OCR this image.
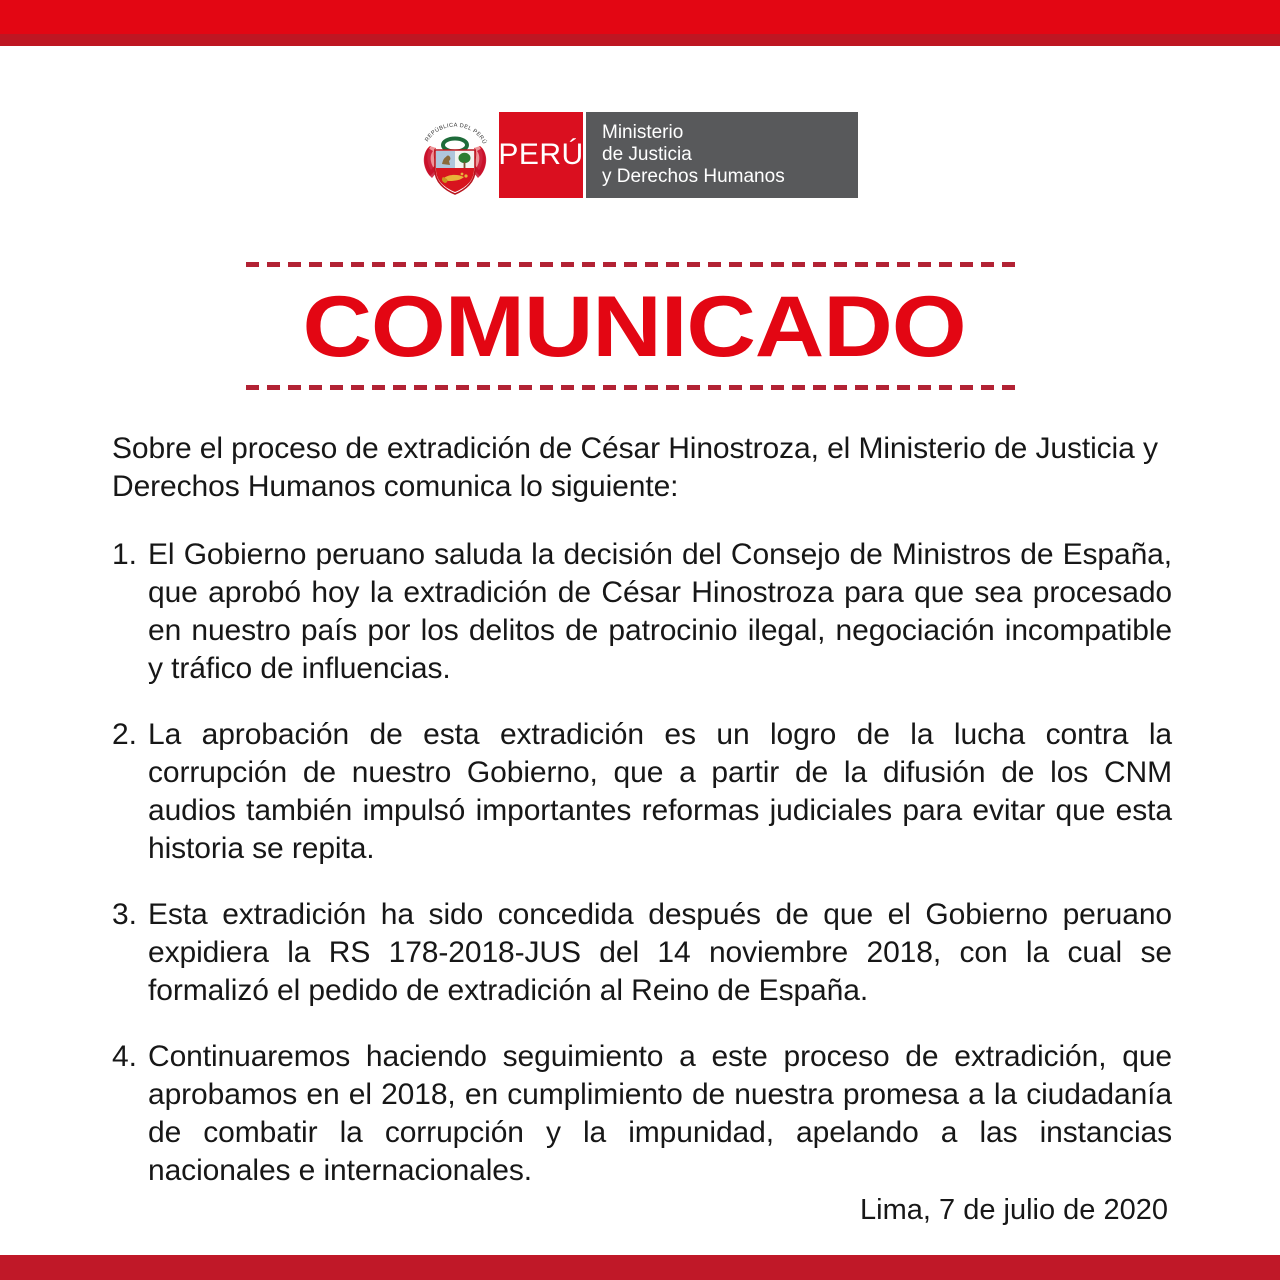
REPÚBLICA DEL PERÚ PERÚ
Ministerio
de Justicia
y Derechos Humanos
COMUNICADO

Sobre el proceso de extradición de César Hinostroza, el Ministerio de Justicia y Derechos Humanos comunica lo siguiente:

1. El Gobierno peruano saluda la decisión del Consejo de Ministros de España, que aprobó hoy la extradición de César Hinostroza para que sea procesado en nuestro país por los delitos de patrocinio ilegal, negociación incompatible y tráfico de influencias.
2. La aprobación de esta extradición es un logro de la lucha contra la corrupción de nuestro Gobierno, que a partir de la difusión de los CNM audios también impulsó importantes reformas judiciales para evitar que esta historia se repita.
3. Esta extradición ha sido concedida después de que el Gobierno peruano expidiera la RS 178-2018-JUS del 14 noviembre 2018, con la cual se formalizó el pedido de extradición al Reino de España.
4. Continuaremos haciendo seguimiento a este proceso de extradición, que aprobamos en el 2018, en cumplimiento de nuestra promesa a la ciudadanía de combatir la corrupción y la impunidad, apelando a las instancias nacionales e internacionales.
Lima, 7 de julio de 2020
